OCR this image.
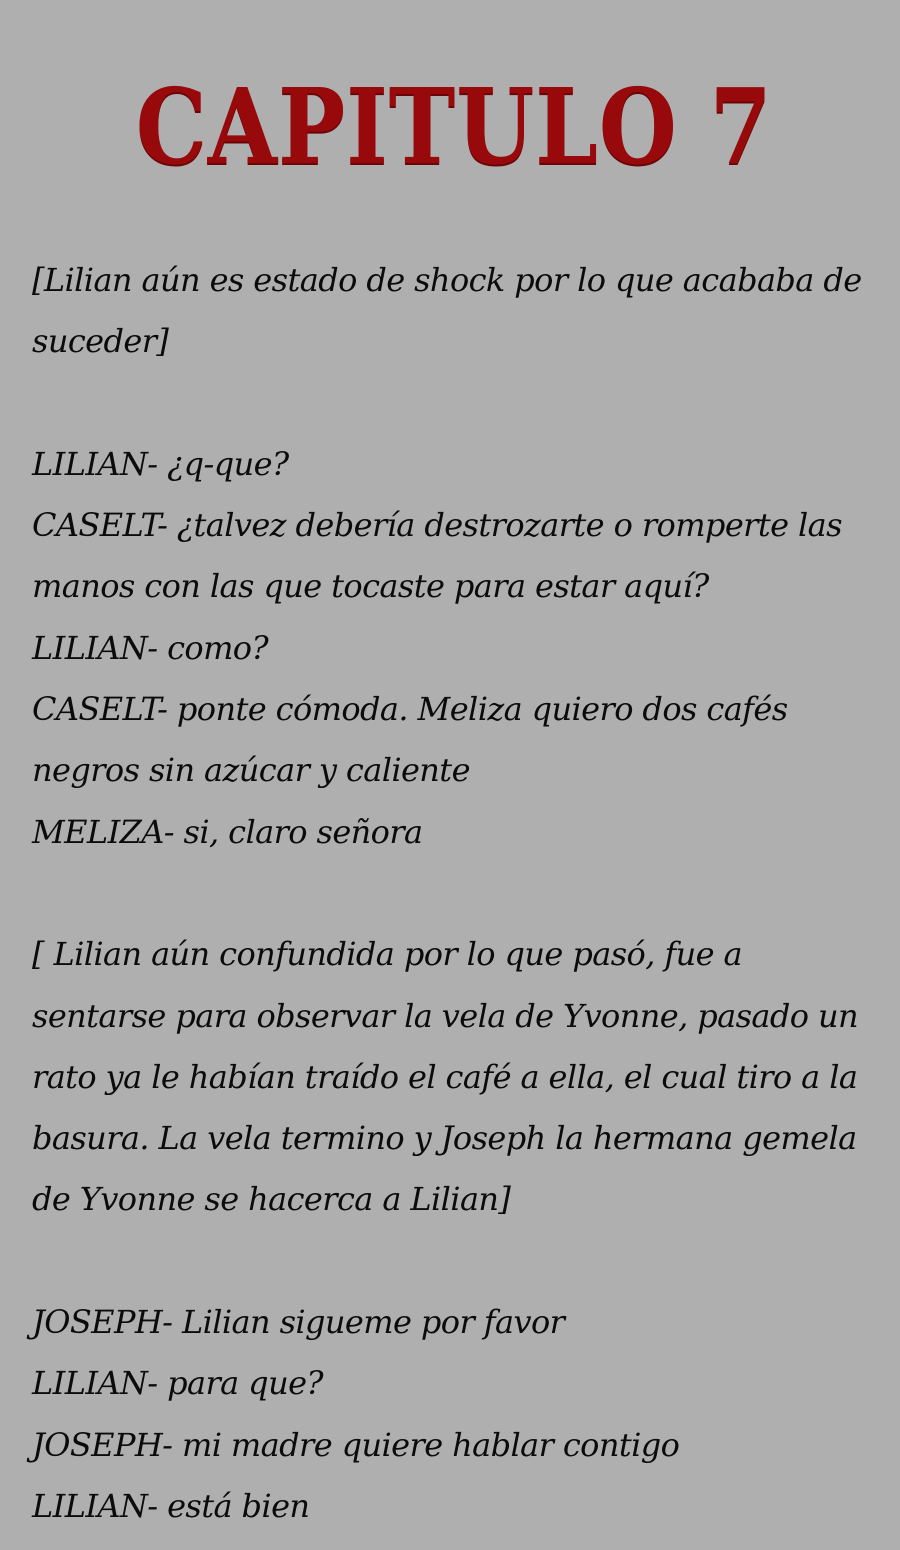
CAPITULO 7
[Lilian aún es estado de shock por lo que acababa de
suceder]
LILIAN- ¿q-que?
CASELT- ¿talvez debería destrozarte o romperte las
manos con las que tocaste para estar aquí?
LILIAN- como?
CASELT- ponte cómoda. Meliza quiero dos cafés
negros sin azúcar y caliente
MELIZA- si, claro señora
[ Lilian aún confundida por lo que pasó, fue a
sentarse para observar la vela de Yvonne, pasado un
rato ya le habían traído el café a ella, el cual tiro a la
basura. La vela termino y Joseph la hermana gemela
de Yvonne se hacerca a Lilian]
JOSEPH- Lilian sigueme por favor
LILIAN- para que?
JOSEPH- mi madre quiere hablar contigo
LILIAN- está bien
